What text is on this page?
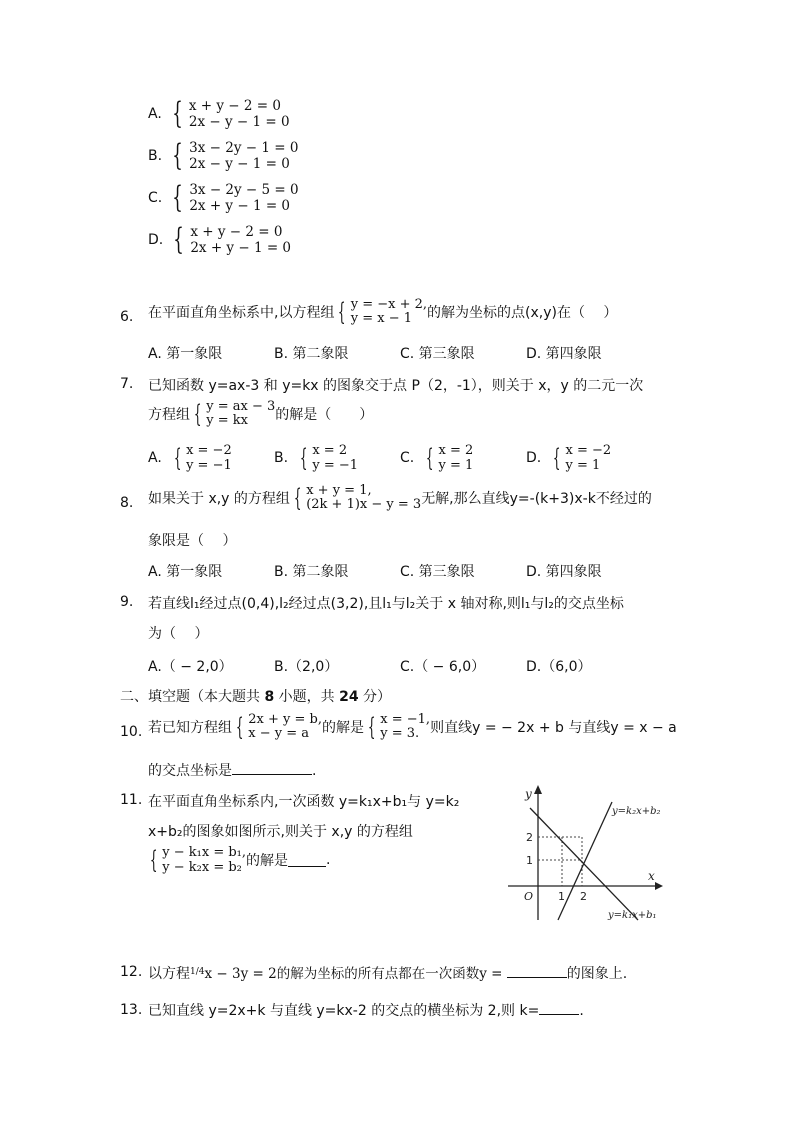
A. { x + y − 2 = 0
2x − y − 1 = 0
B. { 3x − 2y − 1 = 0
2x − y − 1 = 0
C. { 3x − 2y − 5 = 0
2x + y − 1 = 0
D. { x + y − 2 = 0
2x + y − 1 = 0
6. 在平面直角坐标系中,以方程组 { y = −x + 2,
y = x − 1	的解为坐标的点(x,y)在（　 ）
A. 第一象限	B. 第二象限	C. 第三象限	D. 第四象限
7. 已知函数 y=ax-3 和 y=kx 的图象交于点 P（2，-1），则关于 x，y 的二元一次
方程组 { y = ax − 3
y = kx	的解是（　　）
A. { x = −2
y = −1	B. { x = 2
y = −1	C. { x = 2
y = 1	D. { x = −2
y = 1
8. 如果关于 x,y 的方程组 { x + y = 1,
(2k + 1)x − y = 3 无解,那么直线y=-(k+3)x-k不经过的
象限是（　 ）
A. 第一象限	B. 第二象限	C. 第三象限	D. 第四象限
9. 若直线l₁经过点(0,4),l₂经过点(3,2),且l₁与l₂关于 x 轴对称,则l₁与l₂的交点坐标
为（　 ）
A.（ − 2,0）	B.（2,0）	C.（ − 6,0）	D.（6,0）
二、填空题（本大题共 8 小题，共 24 分）
10. 若已知方程组 { 2x + y = b,
x − y = a 的解是 { x = −1,
y = 3. 则直线y = − 2x + b 与直线y = x − a
的交点坐标是	.
11. 在平面直角坐标系内,一次函数 y=k₁x+b₁与 y=k₂
x+b₂的图象如图所示,则关于 x,y 的方程组
{ y − k₁x = b₁,
y − k₂x = b₂ 的解是	.
y
x
O
2
1
1 2
y=k₂x+b₂
y=k₁x+b₁
12. 以方程$^{1/4}$x − 3y = 2的解为坐标的所有点都在一次函数y =	的图象上.
13. 已知直线 y=2x+k 与直线 y=kx-2 的交点的横坐标为 2,则 k=	.
